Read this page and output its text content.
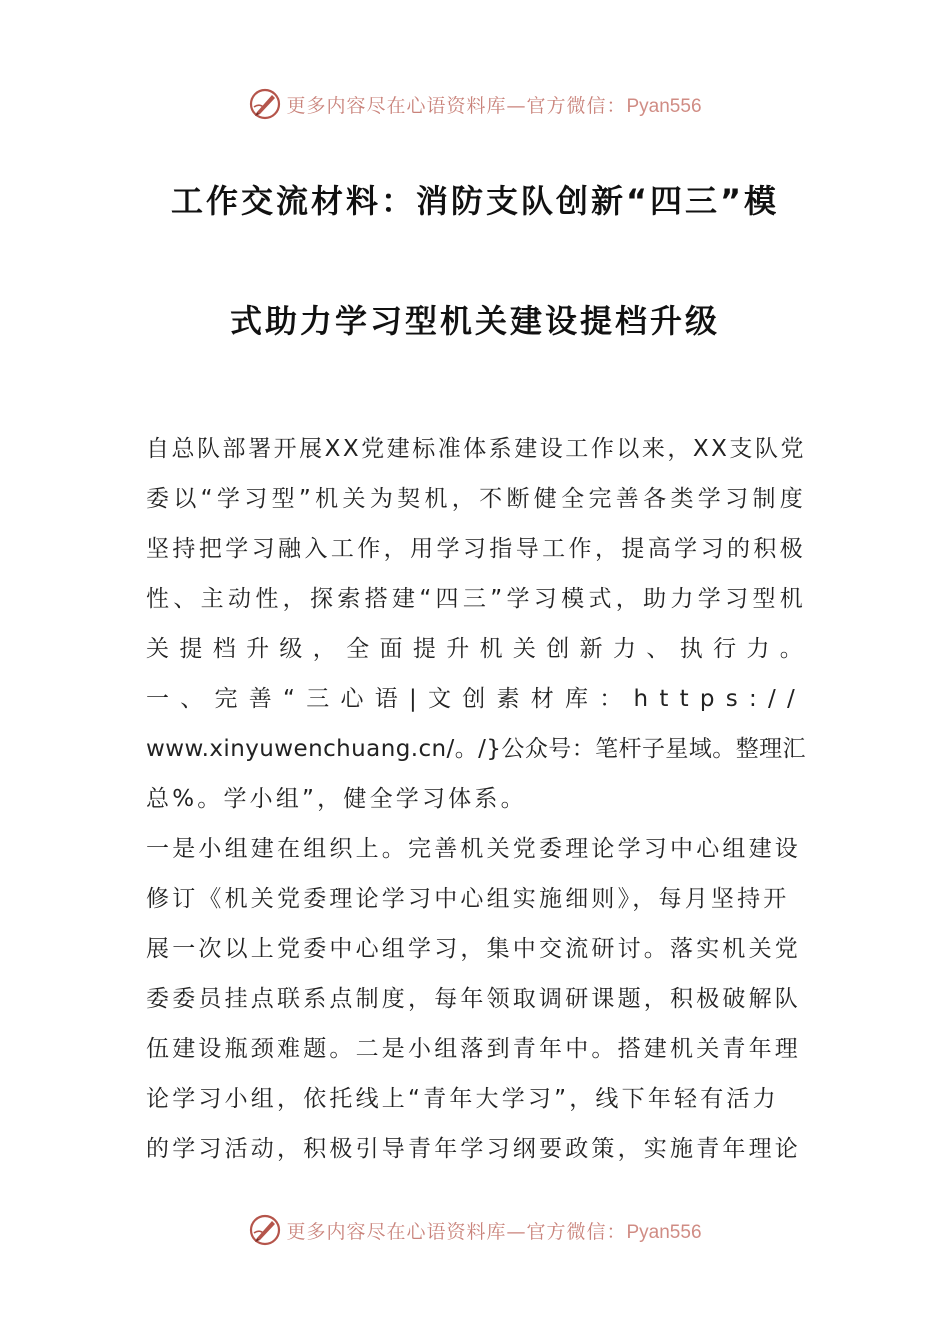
更多内容尽在心语资料库—官方微信：Pyan556
工作交流材料：消防支队创新“四三”模
式助力学习型机关建设提档升级

自总队部署开展XX党建标准体系建设工作以来，XX支队党
委以“学习型”机关为契机，不断健全完善各类学习制度
坚持把学习融入工作，用学习指导工作，提高学习的积极
性、主动性，探索搭建“四三”学习模式，助力学习型机
关提档升级，全面提升机关创新力、执行力。

一、完善“三心语|文创素材库：https://
www.xinyuwenchuang.cn/。/}公众号：笔杆子星域。整理汇
总%。学小组”，健全学习体系。

一是小组建在组织上。完善机关党委理论学习中心组建设
修订《机关党委理论学习中心组实施细则》，每月坚持开
展一次以上党委中心组学习，集中交流研讨。落实机关党
委委员挂点联系点制度，每年领取调研课题，积极破解队
伍建设瓶颈难题。二是小组落到青年中。搭建机关青年理
论学习小组，依托线上“青年大学习”，线下年轻有活力
的学习活动，积极引导青年学习纲要政策，实施青年理论

更多内容尽在心语资料库—官方微信：Pyan556
